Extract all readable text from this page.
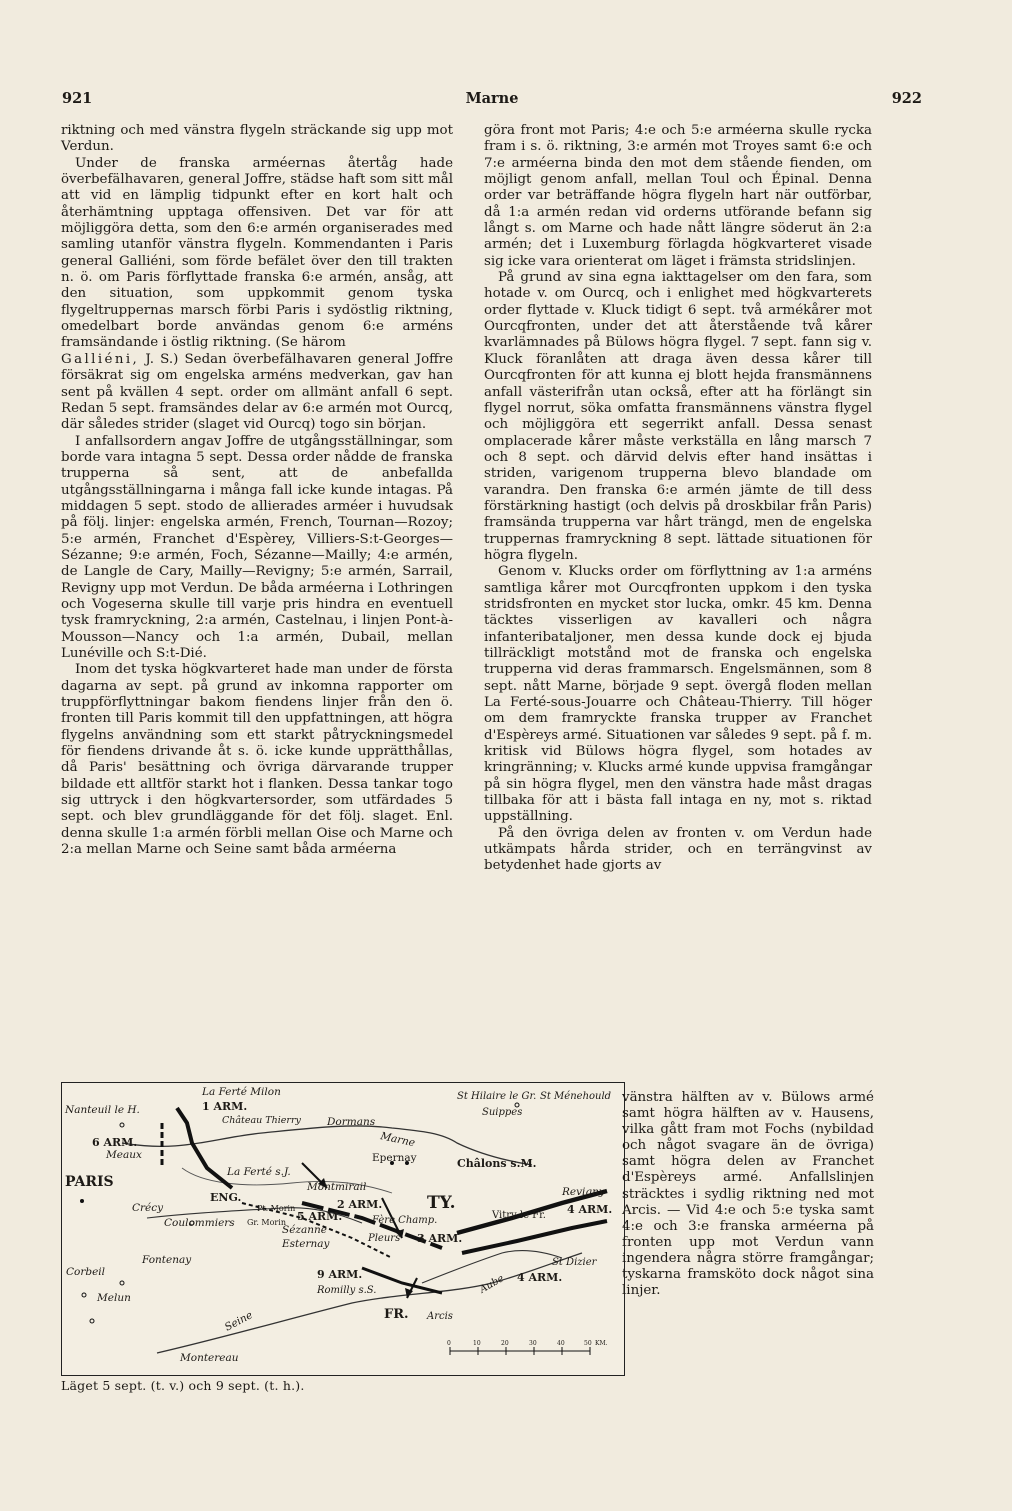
921	Marne	922

riktning och med vänstra flygeln sträckande sig upp mot Verdun.

Under de franska arméernas återtåg hade överbefälhavaren, general Joffre, städse haft som sitt mål att vid en lämplig tidpunkt efter en kort halt och återhämtning upptaga offensiven. Det var för att möjliggöra detta, som den 6:e armén organiserades med samling utanför vänstra flygeln. Kommendanten i Paris general Galliéni, som förde befälet över den till trakten n. ö. om Paris förflyttade franska 6:e armén, ansåg, att den situation, som uppkommit genom tyska flygeltruppernas marsch förbi Paris i sydöstlig riktning, omedelbart borde användas genom 6:e arméns framsändande i östlig riktning. (Se härom

Galliéni, J. S.) Sedan överbefälhavaren general Joffre försäkrat sig om engelska arméns medverkan, gav han sent på kvällen 4 sept. order om allmänt anfall 6 sept. Redan 5 sept. framsändes delar av 6:e armén mot Ourcq, där således strider (slaget vid Ourcq) togo sin början.

I anfallsordern angav Joffre de utgångsställningar, som borde vara intagna 5 sept. Dessa order nådde de franska trupperna så sent, att de anbefallda utgångsställningarna i många fall icke kunde intagas. På middagen 5 sept. stodo de allierades arméer i huvudsak på följ. linjer: engelska armén, French, Tournan—Rozoy; 5:e armén, Franchet d'Espèrey, Villiers-S:t-Georges—Sézanne; 9:e armén, Foch, Sézanne—Mailly; 4:e armén, de Langle de Cary, Mailly—Revigny; 5:e armén, Sarrail, Revigny upp mot Verdun. De båda arméerna i Lothringen och Vogeserna skulle till varje pris hindra en eventuell tysk framryckning, 2:a armén, Castelnau, i linjen Pont-à-Mousson—Nancy och 1:a armén, Dubail, mellan Lunéville och S:t-Dié.

Inom det tyska högkvarteret hade man under de första dagarna av sept. på grund av inkomna rapporter om truppförflyttningar bakom fiendens linjer från den ö. fronten till Paris kommit till den uppfattningen, att högra flygelns användning som ett starkt påtryckningsmedel för fiendens drivande åt s. ö. icke kunde upprätthållas, då Paris' besättning och övriga därvarande trupper bildade ett alltför starkt hot i flanken. Dessa tankar togo sig uttryck i den högkvartersorder, som utfärdades 5 sept. och blev grundläggande för det följ. slaget. Enl. denna skulle 1:a armén förbli mellan Oise och Marne och 2:a mellan Marne och Seine samt båda arméerna

göra front mot Paris; 4:e och 5:e arméerna skulle rycka fram i s. ö. riktning, 3:e armén mot Troyes samt 6:e och 7:e arméerna binda den mot dem stående fienden, om möjligt genom anfall, mellan Toul och Épinal. Denna order var beträffande högra flygeln hart när outförbar, då 1:a armén redan vid orderns utförande befann sig långt s. om Marne och hade nått längre söderut än 2:a armén; det i Luxemburg förlagda högkvarteret visade sig icke vara orienterat om läget i främsta stridslinjen.

På grund av sina egna iakttagelser om den fara, som hotade v. om Ourcq, och i enlighet med högkvarterets order flyttade v. Kluck tidigt 6 sept. två armékårer mot Ourcqfronten, under det att återstående två kårer kvarlämnades på Bülows högra flygel. 7 sept. fann sig v. Kluck föranlåten att draga även dessa kårer till Ourcqfronten för att kunna ej blott hejda fransmännens anfall västerifrån utan också, efter att ha förlängt sin flygel norrut, söka omfatta fransmännens vänstra flygel och möjliggöra ett segerrikt anfall. Dessa senast omplacerade kårer måste verkställa en lång marsch 7 och 8 sept. och därvid delvis efter hand insättas i striden, varigenom trupperna blevo blandade om varandra. Den franska 6:e armén jämte de till dess förstärkning hastigt (och delvis på droskbilar från Paris) framsända trupperna var hårt trängd, men de engelska truppernas framryckning 8 sept. lättade situationen för högra flygeln.

Genom v. Klucks order om förflyttning av 1:a arméns samtliga kårer mot Ourcqfronten uppkom i den tyska stridsfronten en mycket stor lucka, omkr. 45 km. Denna täcktes visserligen av kavalleri och några infanteribataljoner, men dessa kunde dock ej bjuda tillräckligt motstånd mot de franska och engelska trupperna vid deras frammarsch. Engelsmännen, som 8 sept. nått Marne, började 9 sept. övergå floden mellan La Ferté-sous-Jouarre och Château-Thierry. Till höger om dem framryckte franska trupper av Franchet d'Espèreys armé. Situationen var således 9 sept. på f. m. kritisk vid Bülows högra flygel, som hotades av kringränning; v. Klucks armé kunde uppvisa framgångar på sin högra flygel, men den vänstra hade måst dragas tillbaka för att i bästa fall intaga en ny, mot s. riktad uppställning.

På den övriga delen av fronten v. om Verdun hade utkämpats hårda strider, och en terrängvinst av betydenhet hade gjorts av

Nanteuil le H.
PARIS
Meaux
Crécy
Coulommiers
Fontenay
Corbeil
Melun
Montereau
Seine
La Ferté Milon
Château Thierry Dormans
Marne
Epernay
La Ferté s.J.
Montmirail
Pt. Morin
Gr. Morin
Sézanne
Esternay
St Hilaire le Gr.
Suippes
St Ménehould
Châlons s.M.
Revigny
Vitry le Fr.
Fère Champ.
Pleurs
St Dizier
Romilly s.S.
Arcis
Aube
1 ARM.
6 ARM.
ENG.
2 ARM.
5 ARM.
3 ARM.
4 ARM.
9 ARM.	4 ARM.
TY.
FR.
0	10	20	30	40	50 KM.

vänstra hälften av v. Bülows armé samt högra hälften av v. Hausens, vilka gått fram mot Fochs (nybildad och något svagare än de övriga) samt högra delen av Franchet d'Espèreys armé. Anfallslinjen sträcktes i sydlig riktning ned mot Arcis. — Vid 4:e och 5:e tyska samt 4:e och 3:e franska arméerna på fronten upp mot Verdun vann ingendera några större framgångar; tyskarna framsköto dock något sina linjer.

Läget 5 sept. (t. v.) och 9 sept. (t. h.).
